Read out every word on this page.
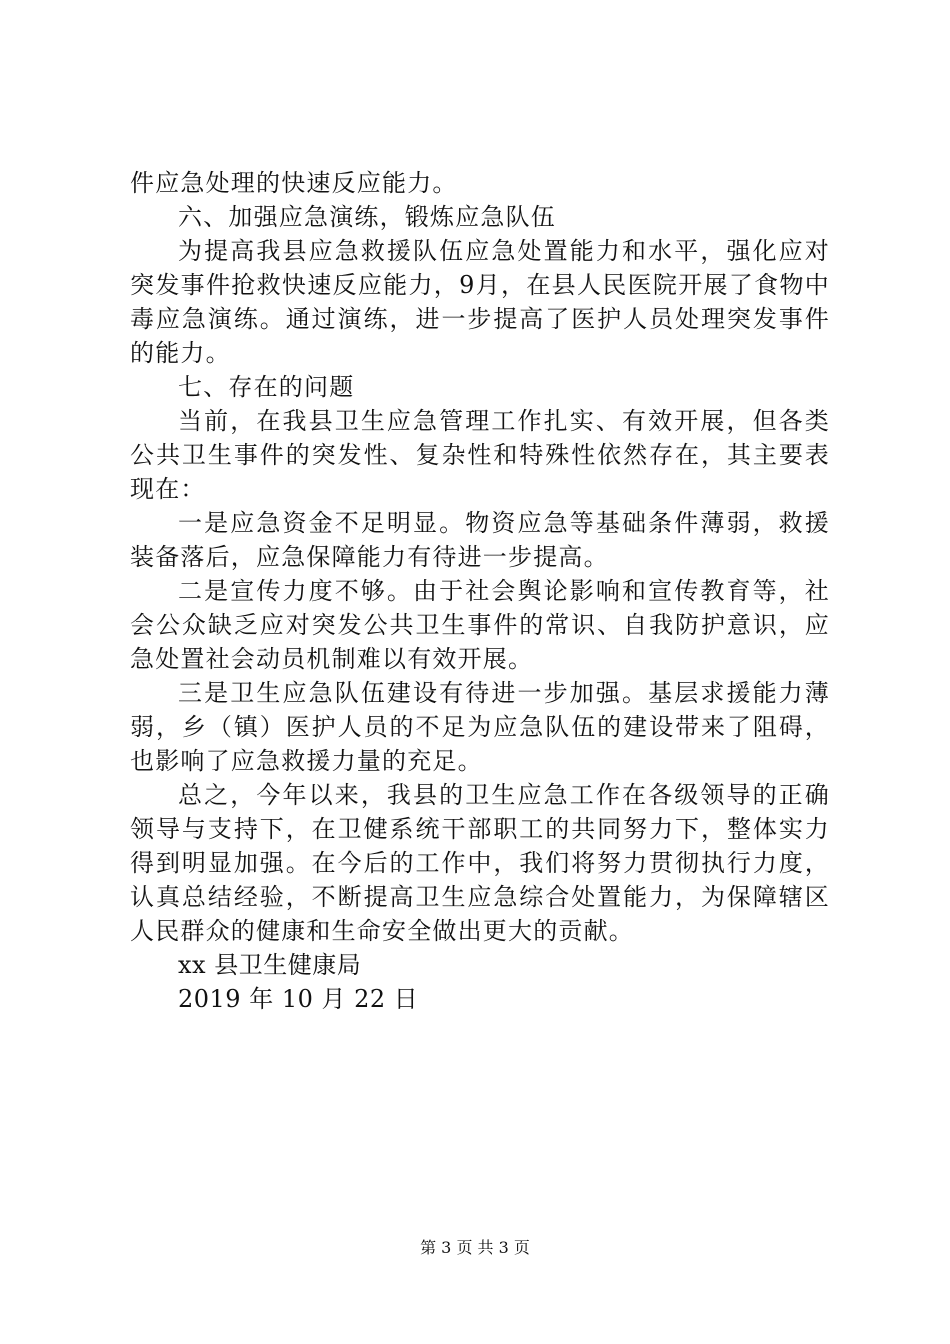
件应急处理的快速反应能力。

六、加强应急演练，锻炼应急队伍

为提高我县应急救援队伍应急处置能力和水平，强化应对突发事件抢救快速反应能力，9月，在县人民医院开展了食物中毒应急演练。通过演练，进一步提高了医护人员处理突发事件的能力。

七、存在的问题

当前，在我县卫生应急管理工作扎实、有效开展，但各类公共卫生事件的突发性、复杂性和特殊性依然存在，其主要表现在：

一是应急资金不足明显。物资应急等基础条件薄弱，救援装备落后，应急保障能力有待进一步提高。

二是宣传力度不够。由于社会舆论影响和宣传教育等，社会公众缺乏应对突发公共卫生事件的常识、自我防护意识，应急处置社会动员机制难以有效开展。

三是卫生应急队伍建设有待进一步加强。基层求援能力薄弱，乡（镇）医护人员的不足为应急队伍的建设带来了阻碍，也影响了应急救援力量的充足。

总之，今年以来，我县的卫生应急工作在各级领导的正确领导与支持下，在卫健系统干部职工的共同努力下，整体实力得到明显加强。在今后的工作中，我们将努力贯彻执行力度，认真总结经验，不断提高卫生应急综合处置能力，为保障辖区人民群众的健康和生命安全做出更大的贡献。

xx 县卫生健康局

2019 年 10 月 22 日

第 3 页 共 3 页
